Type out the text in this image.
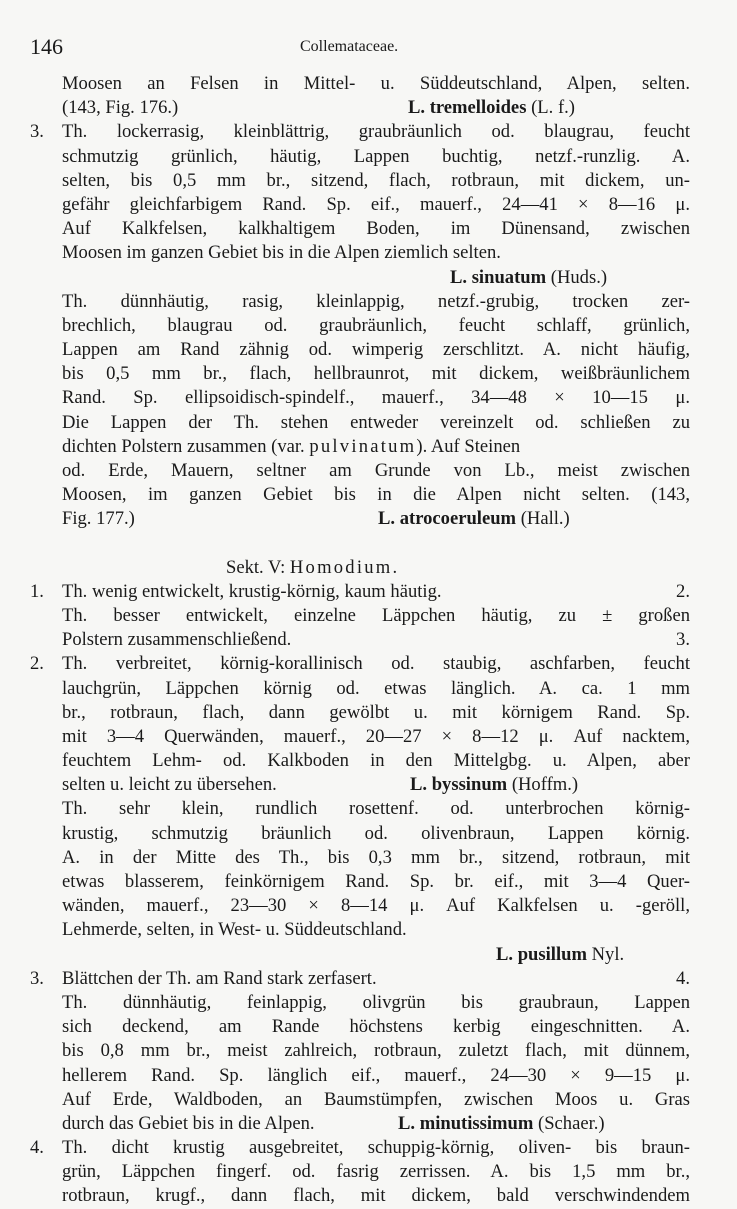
146	Collemataceae.
Moosen an Felsen in Mittel- u. Süddeutschland, Alpen, selten.
(143, Fig. 176.)	L. tremelloides (L. f.)
3. Th. lockerrasig, kleinblättrig, graubräunlich od. blaugrau, feucht
schmutzig grünlich, häutig, Lappen buchtig, netzf.-runzlig. A.
selten, bis 0,5 mm br., sitzend, flach, rotbraun, mit dickem, un-
gefähr gleichfarbigem Rand. Sp. eif., mauerf., 24—41 × 8—16 μ.
Auf Kalkfelsen, kalkhaltigem Boden, im Dünensand, zwischen
Moosen im ganzen Gebiet bis in die Alpen ziemlich selten.
L. sinuatum (Huds.)
Th. dünnhäutig, rasig, kleinlappig, netzf.-grubig, trocken zer-
brechlich, blaugrau od. graubräunlich, feucht schlaff, grünlich,
Lappen am Rand zähnig od. wimperig zerschlitzt. A. nicht häufig,
bis 0,5 mm br., flach, hellbraunrot, mit dickem, weißbräunlichem
Rand. Sp. ellipsoidisch-spindelf., mauerf., 34—48 × 10—15 μ.
Die Lappen der Th. stehen entweder vereinzelt od. schließen zu
dichten Polstern zusammen (var. pulvinatum). Auf Steinen
od. Erde, Mauern, seltner am Grunde von Lb., meist zwischen
Moosen, im ganzen Gebiet bis in die Alpen nicht selten. (143,
Fig. 177.)	L. atrocoeruleum (Hall.)
Sekt. V: Homodium.
1. Th. wenig entwickelt, krustig-körnig, kaum häutig.	2.
Th. besser entwickelt, einzelne Läppchen häutig, zu ± großen
Polstern zusammenschließend.	3.
2. Th. verbreitet, körnig-korallinisch od. staubig, aschfarben, feucht
lauchgrün, Läppchen körnig od. etwas länglich. A. ca. 1 mm
br., rotbraun, flach, dann gewölbt u. mit körnigem Rand. Sp.
mit 3—4 Querwänden, mauerf., 20—27 × 8—12 μ. Auf nacktem,
feuchtem Lehm- od. Kalkboden in den Mittelgbg. u. Alpen, aber
selten u. leicht zu übersehen.	L. byssinum (Hoffm.)
Th. sehr klein, rundlich rosettenf. od. unterbrochen körnig-
krustig, schmutzig bräunlich od. olivenbraun, Lappen körnig.
A. in der Mitte des Th., bis 0,3 mm br., sitzend, rotbraun, mit
etwas blasserem, feinkörnigem Rand. Sp. br. eif., mit 3—4 Quer-
wänden, mauerf., 23—30 × 8—14 μ. Auf Kalkfelsen u. -geröll,
Lehmerde, selten, in West- u. Süddeutschland.
L. pusillum Nyl.
3. Blättchen der Th. am Rand stark zerfasert.	4.
Th. dünnhäutig, feinlappig, olivgrün bis graubraun, Lappen
sich deckend, am Rande höchstens kerbig eingeschnitten. A.
bis 0,8 mm br., meist zahlreich, rotbraun, zuletzt flach, mit dünnem,
hellerem Rand. Sp. länglich eif., mauerf., 24—30 × 9—15 μ.
Auf Erde, Waldboden, an Baumstümpfen, zwischen Moos u. Gras
durch das Gebiet bis in die Alpen.	L. minutissimum (Schaer.)
4. Th. dicht krustig ausgebreitet, schuppig-körnig, oliven- bis braun-
grün, Läppchen fingerf. od. fasrig zerrissen. A. bis 1,5 mm br.,
rotbraun, krugf., dann flach, mit dickem, bald verschwindendem
